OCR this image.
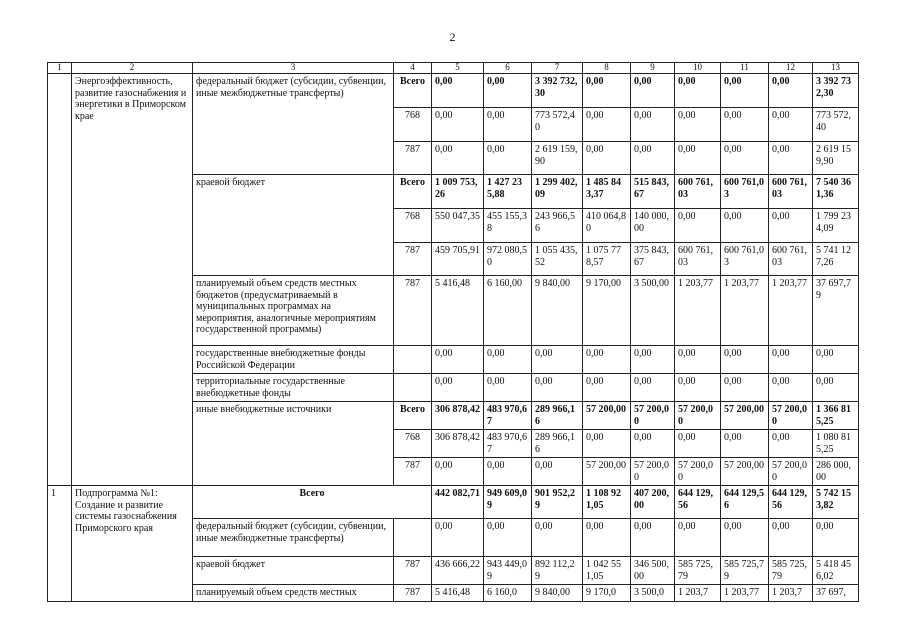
2
1	2	3	4	5	6	7	8	9	10	11	12	13
	Энергоэффективность, развитие газоснабжения и энергетики в Приморском крае	федеральный бюджет (субсидии, субвенции, иные межбюджетные трансферты)	Всего	0,00	0,00	3 392 732,30	0,00	0,00	0,00	0,00	0,00	3 392 732,30
			768	0,00	0,00	773 572,40	0,00	0,00	0,00	0,00	0,00	773 572,40
			787	0,00	0,00	2 619 159,90	0,00	0,00	0,00	0,00	0,00	2 619 159,90
		краевой бюджет	Всего	1 009 753,26	1 427 235,88	1 299 402,09	1 485 843,37	515 843,67	600 761,03	600 761,03	600 761,03	7 540 361,36
			768	550 047,35	455 155,38	243 966,56	410 064,80	140 000,00	0,00	0,00	0,00	1 799 234,09
			787	459 705,91	972 080,50	1 055 435,52	1 075 778,57	375 843,67	600 761,03	600 761,03	600 761,03	5 741 127,26
		планируемый объем средств местных бюджетов (предусматриваемый в муниципальных программах на мероприятия, аналогичные мероприятиям государственной программы)	787	5 416,48	6 160,00	9 840,00	9 170,00	3 500,00	1 203,77	1 203,77	1 203,77	37 697,79
		государственные внебюджетные фонды Российской Федерации		0,00	0,00	0,00	0,00	0,00	0,00	0,00	0,00	0,00
		территориальные государственные внебюджетные фонды		0,00	0,00	0,00	0,00	0,00	0,00	0,00	0,00	0,00
		иные внебюджетные источники	Всего	306 878,42	483 970,67	289 966,16	57 200,00	57 200,00	57 200,00	57 200,00	57 200,00	1 366 815,25
			768	306 878,42	483 970,67	289 966,16	0,00	0,00	0,00	0,00	0,00	1 080 815,25
			787	0,00	0,00	0,00	57 200,00	57 200,00	57 200,00	57 200,00	57 200,00	286 000,00
1	Подпрограмма №1: Создание и развитие системы газоснабжения Приморского края	Всего		442 082,71	949 609,09	901 952,29	1 108 921,05	407 200,00	644 129,56	644 129,56	644 129,56	5 742 153,82
		федеральный бюджет (субсидии, субвенции, иные межбюджетные трансферты)		0,00	0,00	0,00	0,00	0,00	0,00	0,00	0,00	0,00
		краевой бюджет	787	436 666,22	943 449,09	892 112,29	1 042 551,05	346 500,00	585 725,79	585 725,79	585 725,79	5 418 456,02
		планируемый объем средств местных	787	5 416,48	6 160,0	9 840,00	9 170,0	3 500,0	1 203,7	1 203,77	1 203,7	37 697,
